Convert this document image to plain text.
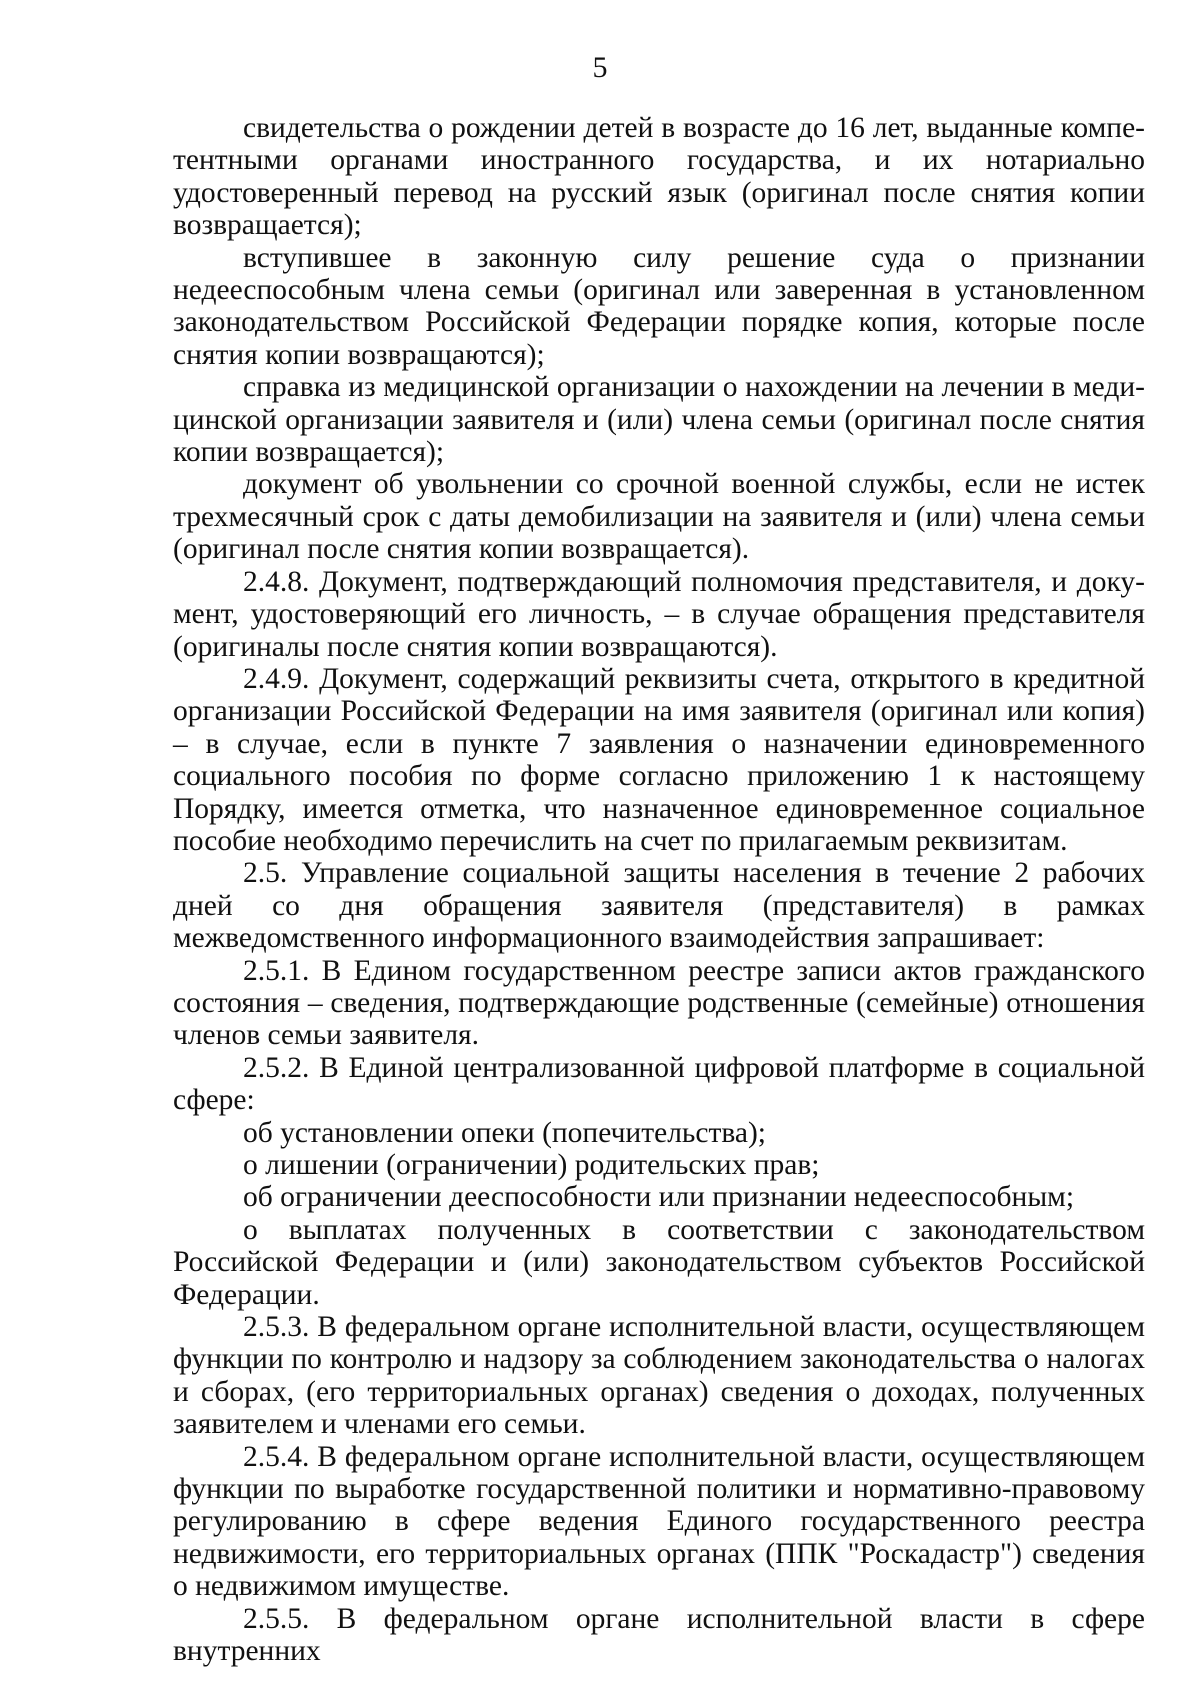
5

свидетельства о рождении детей в возрасте до 16 лет, выданные компетентными органами иностранного государства, и их нотариально удостоверенный перевод на русский язык (оригинал после снятия копии возвращается);

вступившее в законную силу решение суда о признании недееспособным члена семьи (оригинал или заверенная в установленном законодательством Российской Федерации порядке копия, которые после снятия копии возвращаются);

справка из медицинской организации о нахождении на лечении в медицинской организации заявителя и (или) члена семьи (оригинал после снятия копии возвращается);

документ об увольнении со срочной военной службы, если не истек трехмесячный срок с даты демобилизации на заявителя и (или) члена семьи (оригинал после снятия копии возвращается).

2.4.8. Документ, подтверждающий полномочия представителя, и документ, удостоверяющий его личность, – в случае обращения представителя (оригиналы после снятия копии возвращаются).

2.4.9. Документ, содержащий реквизиты счета, открытого в кредитной организации Российской Федерации на имя заявителя (оригинал или копия) – в случае, если в пункте 7 заявления о назначении единовременного социального пособия по форме согласно приложению 1 к настоящему Порядку, имеется отметка, что назначенное единовременное социальное пособие необходимо перечислить на счет по прилагаемым реквизитам.

2.5. Управление социальной защиты населения в течение 2 рабочих дней со дня обращения заявителя (представителя) в рамках межведомственного информационного взаимодействия запрашивает:

2.5.1. В Едином государственном реестре записи актов гражданского состояния – сведения, подтверждающие родственные (семейные) отношения членов семьи заявителя.

2.5.2. В Единой централизованной цифровой платформе в социальной сфере:

об установлении опеки (попечительства);

о лишении (ограничении) родительских прав;

об ограничении дееспособности или признании недееспособным;

о выплатах полученных в соответствии с законодательством Российской Федерации и (или) законодательством субъектов Российской Федерации.

2.5.3. В федеральном органе исполнительной власти, осуществляющем функции по контролю и надзору за соблюдением законодательства о налогах и сборах, (его территориальных органах) сведения о доходах, полученных заявителем и членами его семьи.

2.5.4. В федеральном органе исполнительной власти, осуществляющем функции по выработке государственной политики и нормативно-правовому регулированию в сфере ведения Единого государственного реестра недвижимости, его территориальных органах (ППК "Роскадастр") сведения о недвижимом имуществе.

2.5.5. В федеральном органе исполнительной власти в сфере внутренних
